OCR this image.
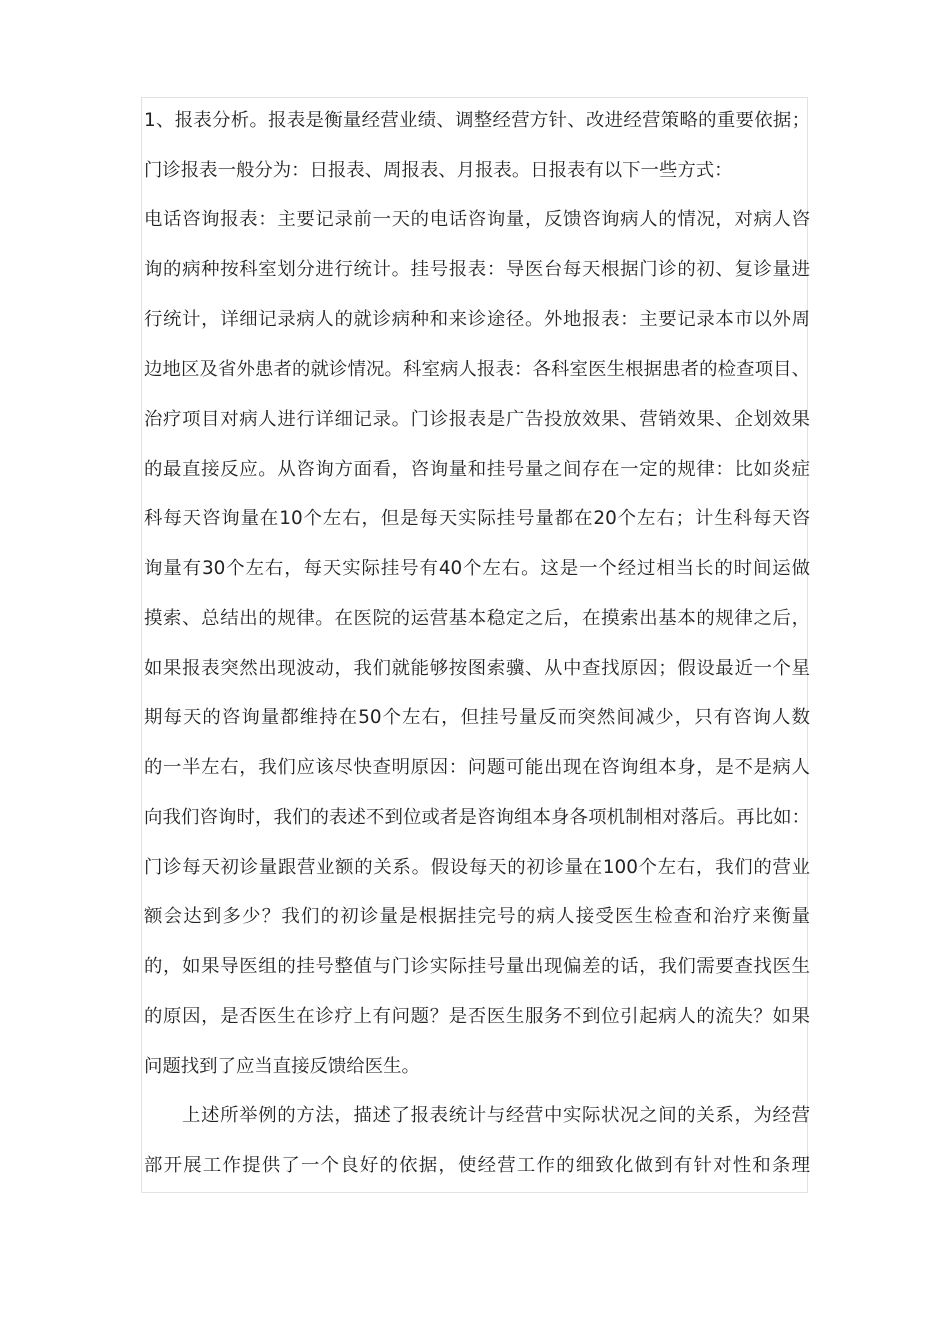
1、报表分析。报表是衡量经营业绩、调整经营方针、改进经营策略的重要依据；
门诊报表一般分为：日报表、周报表、月报表。日报表有以下一些方式：
电话咨询报表：主要记录前一天的电话咨询量，反馈咨询病人的情况，对病人咨
询的病种按科室划分进行统计。挂号报表：导医台每天根据门诊的初、复诊量进
行统计，详细记录病人的就诊病种和来诊途径。外地报表：主要记录本市以外周
边地区及省外患者的就诊情况。科室病人报表：各科室医生根据患者的检查项目、
治疗项目对病人进行详细记录。门诊报表是广告投放效果、营销效果、企划效果
的最直接反应。从咨询方面看，咨询量和挂号量之间存在一定的规律：比如炎症
科每天咨询量在10个左右，但是每天实际挂号量都在20个左右；计生科每天咨
询量有30个左右，每天实际挂号有40个左右。这是一个经过相当长的时间运做
摸索、总结出的规律。在医院的运营基本稳定之后，在摸索出基本的规律之后，
如果报表突然出现波动，我们就能够按图索骥、从中查找原因；假设最近一个星
期每天的咨询量都维持在50个左右，但挂号量反而突然间减少，只有咨询人数
的一半左右，我们应该尽快查明原因：问题可能出现在咨询组本身，是不是病人
向我们咨询时，我们的表述不到位或者是咨询组本身各项机制相对落后。再比如：
门诊每天初诊量跟营业额的关系。假设每天的初诊量在100个左右，我们的营业
额会达到多少？我们的初诊量是根据挂完号的病人接受医生检查和治疗来衡量
的，如果导医组的挂号整值与门诊实际挂号量出现偏差的话，我们需要查找医生
的原因，是否医生在诊疗上有问题？是否医生服务不到位引起病人的流失？如果
问题找到了应当直接反馈给医生。
上述所举例的方法，描述了报表统计与经营中实际状况之间的关系，为经营
部开展工作提供了一个良好的依据，使经营工作的细致化做到有针对性和条理
